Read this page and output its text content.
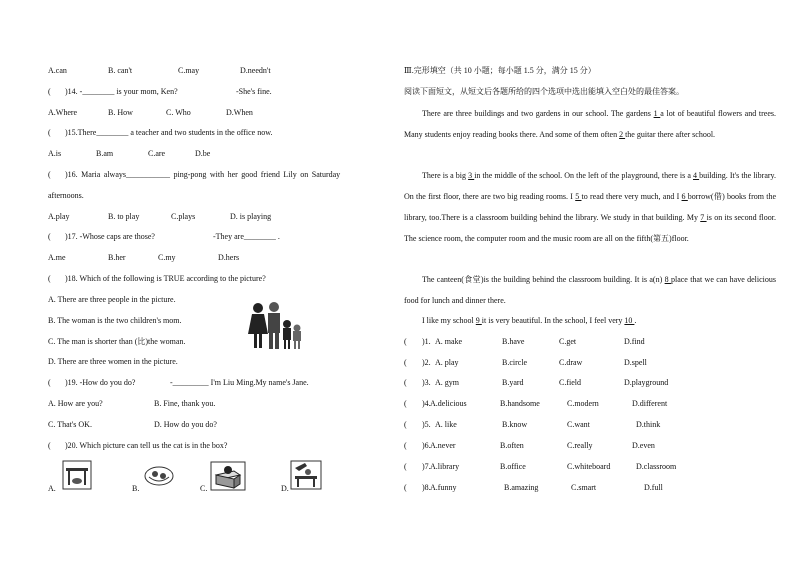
A.can	B. can't	C.may	D.needn't
( )14. -________ is your mom, Ken?	-She's fine.
A.Where	B. How	C. Who	D.When
( )15.There________ a teacher and two students in the office now.
A.is	B.am	C.are	D.be
( )16. Maria always___________ ping-pong with her good friend Lily on Saturday
afternoons.
A.play	B. to play	C.plays	D. is playing
( )17. -Whose caps are those?	-They are________ .
A.me	B.her	C.my	D.hers
( )18. Which of the following is TRUE according to the picture?
A. There are three people in the picture.
B. The woman is the two children's mom.
C. The man is shorter than (比)the woman.
D. There are three women in the picture.
( )19. -How do you do?	-_________ I'm Liu Ming.My name's Jane.
A. How are you?	B. Fine, thank you.
C. That's OK.	D. How do you do?
( )20. Which picture can tell us the cat is in the box?
A.	B.	C.	D.
Ⅲ.完形填空（共 10 小题；每小题 1.5 分，满分 15 分）
阅读下面短文，从短文后各题所给的四个选项中选出能填入空白处的最佳答案。
There are three buildings and two gardens in our school. The gardens 1 a lot of beautiful flowers and trees. Many students enjoy reading books there. And some of them often 2 the guitar there after school.
There is a big 3 in the middle of the school. On the left of the playground, there is a 4 building. It's the library. On the first floor, there are two big reading rooms. I 5 to read there very much, and I 6 borrow(借) books from the library, too.There is a classroom building behind the library. We study in that building. My 7 is on its second floor. The science room, the computer room and the music room are all on the fifth(第五)floor.
The canteen(食堂)is the building behind the classroom building. It is a(n) 8 place that we can have delicious food for lunch and dinner there.
I like my school 9 it is very beautiful. In the school, I feel very 10 .
( )1. A. make	B.have	C.get	D.find
( )2. A. play	B.circle	C.draw	D.spell
( )3. A. gym	B.yard	C.field	D.playground
( )4. A.delicious	B.handsome	C.modern	D.different
( )5. A. like	B.know	C.want	D.think
( )6. A.never	B.often	C.really	D.even
( )7. A.library	B.office	C.whiteboard	D.classroom
( )8. A.funny	B.amazing	C.smart	D.full
